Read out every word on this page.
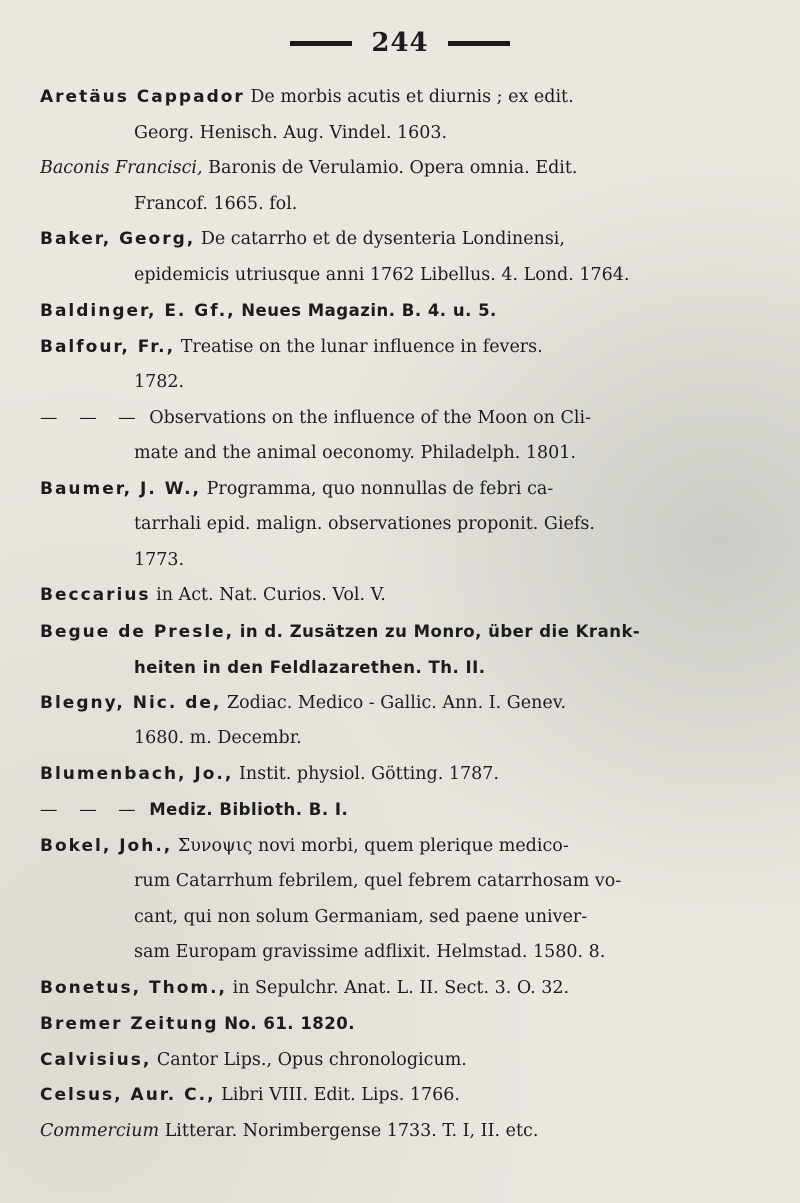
244
Aretäus Cappador De morbis acutis et diurnis ; ex edit.
Georg. Henisch. Aug. Vindel. 1603.
Baconis Francisci, Baronis de Verulamio. Opera omnia. Edit.
Francof. 1665. fol.
Baker, Georg, De catarrho et de dysenteria Londinensi,
epidemicis utriusque anni 1762 Libellus. 4. Lond. 1764.
Baldinger, E. Gf., Neues Magazin. B. 4. u. 5.
Balfour, Fr., Treatise on the lunar influence in fevers.
1782.
— — — Observations on the influence of the Moon on Cli-
mate and the animal oeconomy. Philadelph. 1801.
Baumer, J. W., Programma, quo nonnullas de febri ca-
tarrhali epid. malign. observationes proponit. Giefs.
1773.
Beccarius in Act. Nat. Curios. Vol. V.
Begue de Presle, in d. Zusätzen zu Monro, über die Krank-
heiten in den Feldlazarethen. Th. II.
Blegny, Nic. de, Zodiac. Medico - Gallic. Ann. I. Genev.
1680. m. Decembr.
Blumenbach, Jo., Instit. physiol. Götting. 1787.
— — — Mediz. Biblioth. B. I.
Bokel, Joh., Συνοψις novi morbi, quem plerique medico-
rum Catarrhum febrilem, quel febrem catarrhosam vo-
cant, qui non solum Germaniam, sed paene univer-
sam Europam gravissime adflixit. Helmstad. 1580. 8.
Bonetus, Thom., in Sepulchr. Anat. L. II. Sect. 3. O. 32.
Bremer Zeitung No. 61. 1820.
Calvisius, Cantor Lips., Opus chronologicum.
Celsus, Aur. C., Libri VIII. Edit. Lips. 1766.
Commercium Litterar. Norimbergense 1733. T. I, II. etc.
